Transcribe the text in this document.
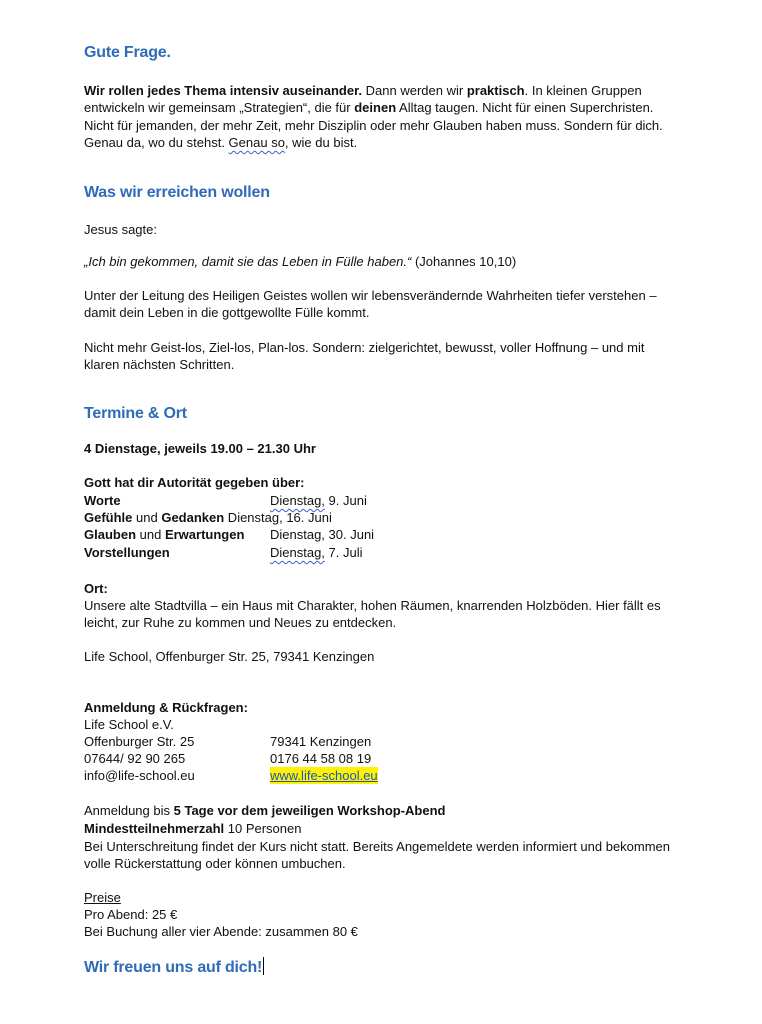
Gute Frage.
Wir rollen jedes Thema intensiv auseinander. Dann werden wir praktisch. In kleinen Gruppen
entwickeln wir gemeinsam „Strategien“, die für deinen Alltag taugen. Nicht für einen Superchristen.
Nicht für jemanden, der mehr Zeit, mehr Disziplin oder mehr Glauben haben muss. Sondern für dich.
Genau da, wo du stehst. Genau so, wie du bist.
Was wir erreichen wollen
Jesus sagte:
„Ich bin gekommen, damit sie das Leben in Fülle haben.“ (Johannes 10,10)
Unter der Leitung des Heiligen Geistes wollen wir lebensverändernde Wahrheiten tiefer verstehen –
damit dein Leben in die gottgewollte Fülle kommt.
Nicht mehr Geist-los, Ziel-los, Plan-los. Sondern: zielgerichtet, bewusst, voller Hoffnung – und mit
klaren nächsten Schritten.
Termine & Ort
4 Dienstage, jeweils 19.00 – 21.30 Uhr
Gott hat dir Autorität gegeben über:
Worte	Dienstag, 9. Juni
Gefühle und Gedanken Dienstag, 16. Juni
Glauben und Erwartungen Dienstag, 30. Juni
Vorstellungen	Dienstag, 7. Juli
Ort:
Unsere alte Stadtvilla – ein Haus mit Charakter, hohen Räumen, knarrenden Holzböden. Hier fällt es
leicht, zur Ruhe zu kommen und Neues zu entdecken.
Life School, Offenburger Str. 25, 79341 Kenzingen
Anmeldung & Rückfragen:
Life School e.V.
Offenburger Str. 25	79341 Kenzingen
07644/ 92 90 265	0176 44 58 08 19
info@life-school.eu	www.life-school.eu
Anmeldung bis 5 Tage vor dem jeweiligen Workshop-Abend
Mindestteilnehmerzahl 10 Personen
Bei Unterschreitung findet der Kurs nicht statt. Bereits Angemeldete werden informiert und bekommen
volle Rückerstattung oder können umbuchen.
Preise
Pro Abend: 25 €
Bei Buchung aller vier Abende: zusammen 80 €
Wir freuen uns auf dich!
